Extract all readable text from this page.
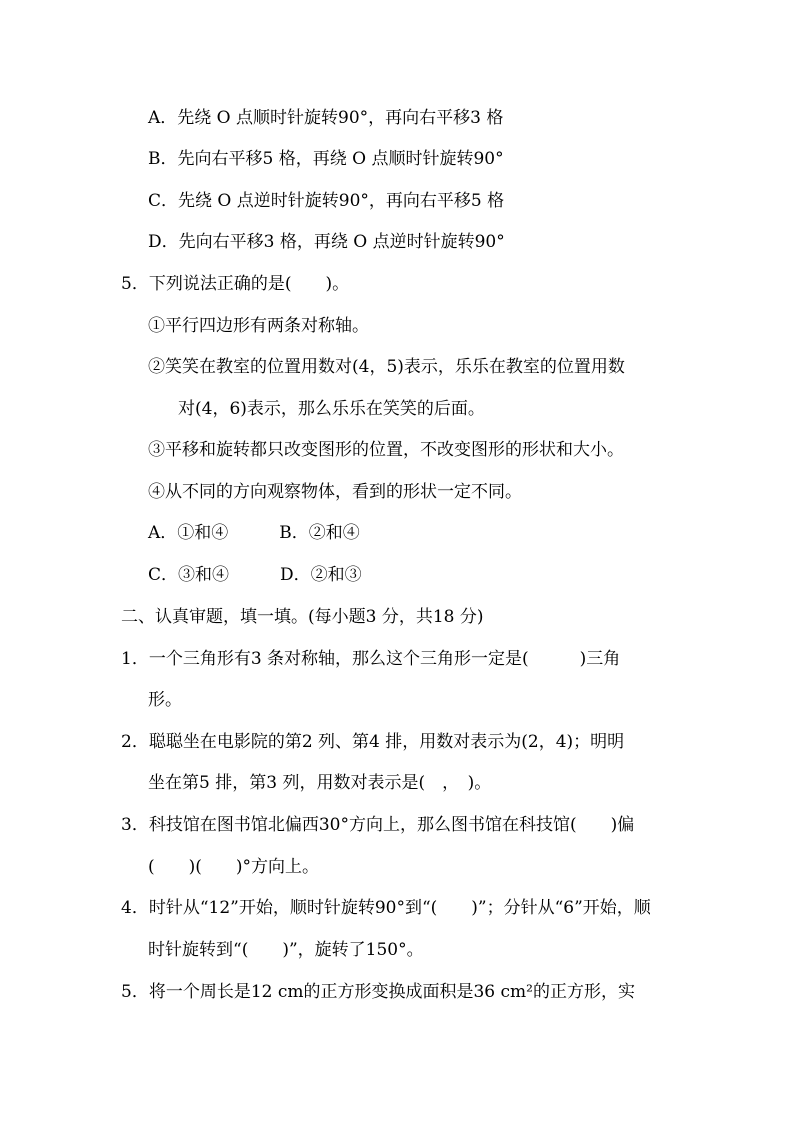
A．先绕 O 点顺时针旋转90°，再向右平移3 格
B．先向右平移5 格，再绕 O 点顺时针旋转90°
C．先绕 O 点逆时针旋转90°，再向右平移5 格
D．先向右平移3 格，再绕 O 点逆时针旋转90°
5．下列说法正确的是(　　)。
①平行四边形有两条对称轴。
②笑笑在教室的位置用数对(4，5)表示，乐乐在教室的位置用数
对(4，6)表示，那么乐乐在笑笑的后面。
③平移和旋转都只改变图形的位置，不改变图形的形状和大小。
④从不同的方向观察物体，看到的形状一定不同。
A．①和④　　　B．②和④
C．③和④　　　D．②和③
二、认真审题，填一填。(每小题3 分，共18 分)
1．一个三角形有3 条对称轴，那么这个三角形一定是(　　　)三角
形。
2．聪聪坐在电影院的第2 列、第4 排，用数对表示为(2，4)；明明
坐在第5 排，第3 列，用数对表示是(　，　)。
3．科技馆在图书馆北偏西30°方向上，那么图书馆在科技馆(　　)偏
(　　)(　　)°方向上。
4．时针从“12”开始，顺时针旋转90°到“(　　)”；分针从“6”开始，顺
时针旋转到“(　　)”，旋转了150°。
5．将一个周长是12 cm的正方形变换成面积是36 cm²的正方形，实
